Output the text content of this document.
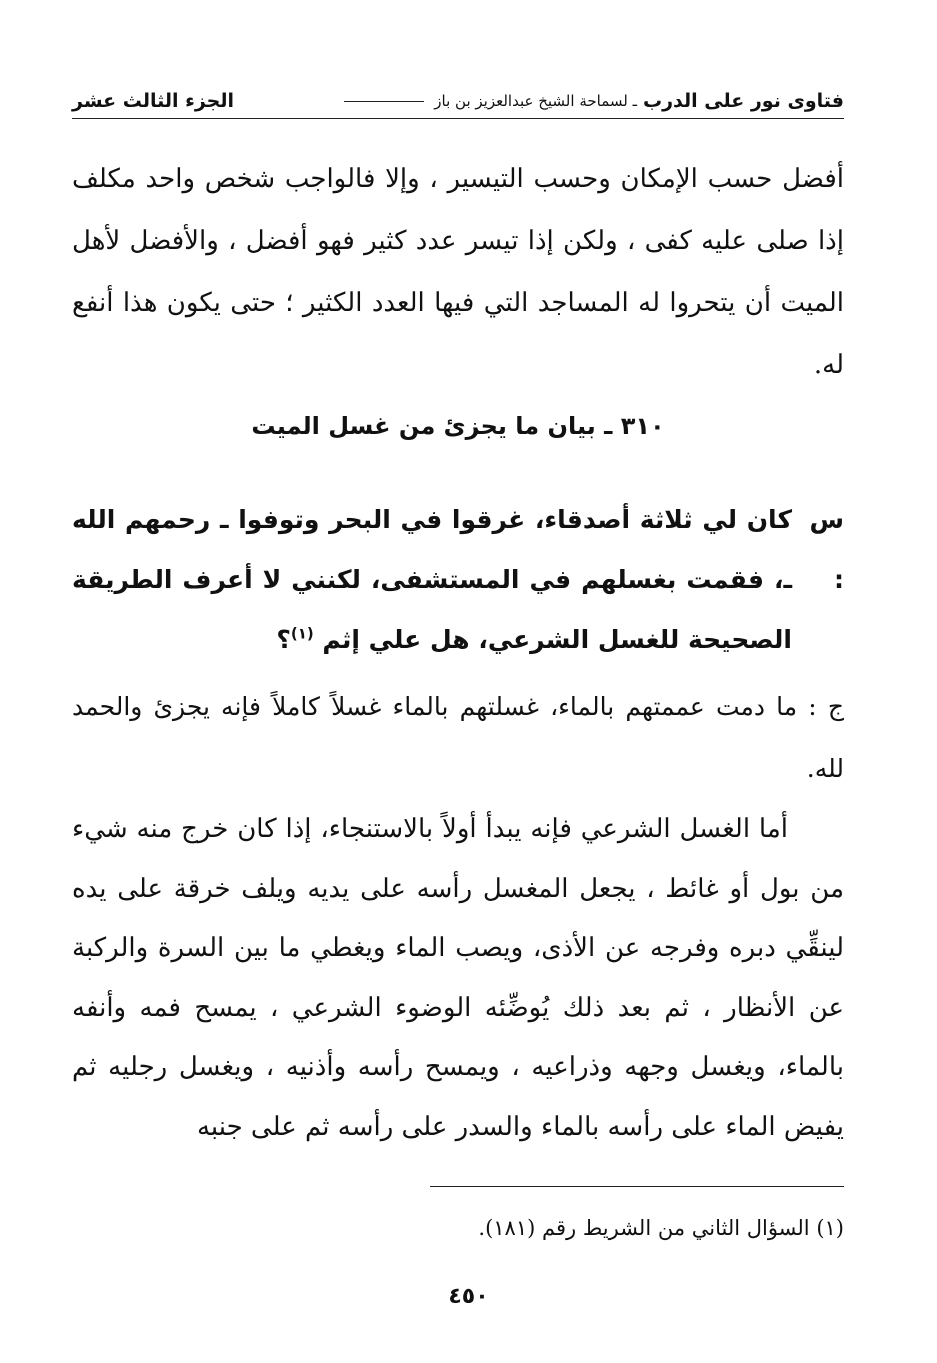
فتاوى نور على الدرب
ـ لسماحة الشيخ عبدالعزيز بن باز
الجزء الثالث عشر
أفضل حسب الإمكان وحسب التيسير ، وإلا فالواجب شخص واحد مكلف إذا صلى عليه كفى ، ولكن إذا تيسر عدد كثير فهو أفضل ، والأفضل لأهل الميت أن يتحروا له المساجد التي فيها العدد الكثير ؛ حتى يكون هذا أنفع له.
٣١٠ ـ بيان ما يجزئ من غسل الميت
س :
كان لي ثلاثة أصدقاء، غرقوا في البحر وتوفوا ـ رحمهم الله ـ، فقمت بغسلهم في المستشفى، لكنني لا أعرف الطريقة الصحيحة للغسل الشرعي، هل علي إثم $^{(١)}$؟
ج : ما دمت عممتهم بالماء، غسلتهم بالماء غسلاً كاملاً فإنه يجزئ والحمد لله.
أما الغسل الشرعي فإنه يبدأ أولاً بالاستنجاء، إذا كان خرج منه شيء من بول أو غائط ، يجعل المغسل رأسه على يديه ويلف خرقة على يده لينقِّي دبره وفرجه عن الأذى، ويصب الماء ويغطي ما بين السرة والركبة عن الأنظار ، ثم بعد ذلك يُوضِّئه الوضوء الشرعي ، يمسح فمه وأنفه بالماء، ويغسل وجهه وذراعيه ، ويمسح رأسه وأذنيه ، ويغسل رجليه ثم يفيض الماء على رأسه بالماء والسدر على رأسه ثم على جنبه
(١) السؤال الثاني من الشريط رقم (١٨١).
٤٥٠
